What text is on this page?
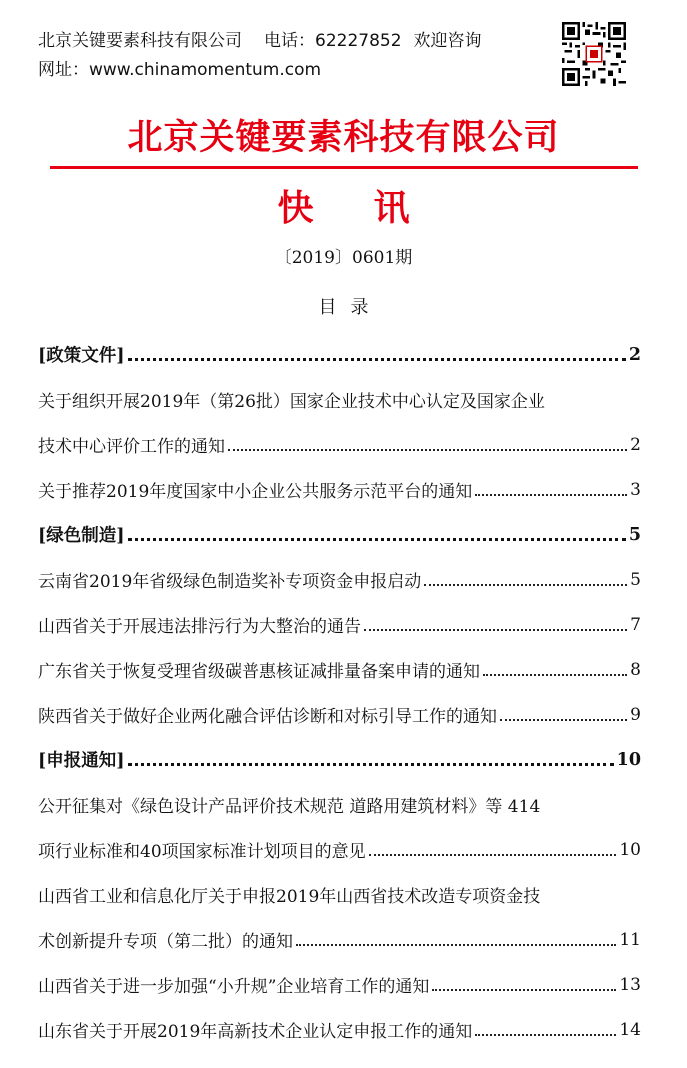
北京关键要素科技有限公司 电话：62227852 欢迎咨询
网址：www.chinamomentum.com
北京关键要素科技有限公司
快讯
〔2019〕0601期
目录
[政策文件]	2
关于组织开展2019年（第26批）国家企业技术中心认定及国家企业
技术中心评价工作的通知	2
关于推荐2019年度国家中小企业公共服务示范平台的通知	3
[绿色制造]	5
云南省2019年省级绿色制造奖补专项资金申报启动	5
山西省关于开展违法排污行为大整治的通告	7
广东省关于恢复受理省级碳普惠核证减排量备案申请的通知	8
陕西省关于做好企业两化融合评估诊断和对标引导工作的通知	9
[申报通知]	10
公开征集对《绿色设计产品评价技术规范 道路用建筑材料》等 414
项行业标准和40项国家标准计划项目的意见	10
山西省工业和信息化厅关于申报2019年山西省技术改造专项资金技
术创新提升专项（第二批）的通知	11
山西省关于进一步加强“小升规”企业培育工作的通知	13
山东省关于开展2019年高新技术企业认定申报工作的通知	14
